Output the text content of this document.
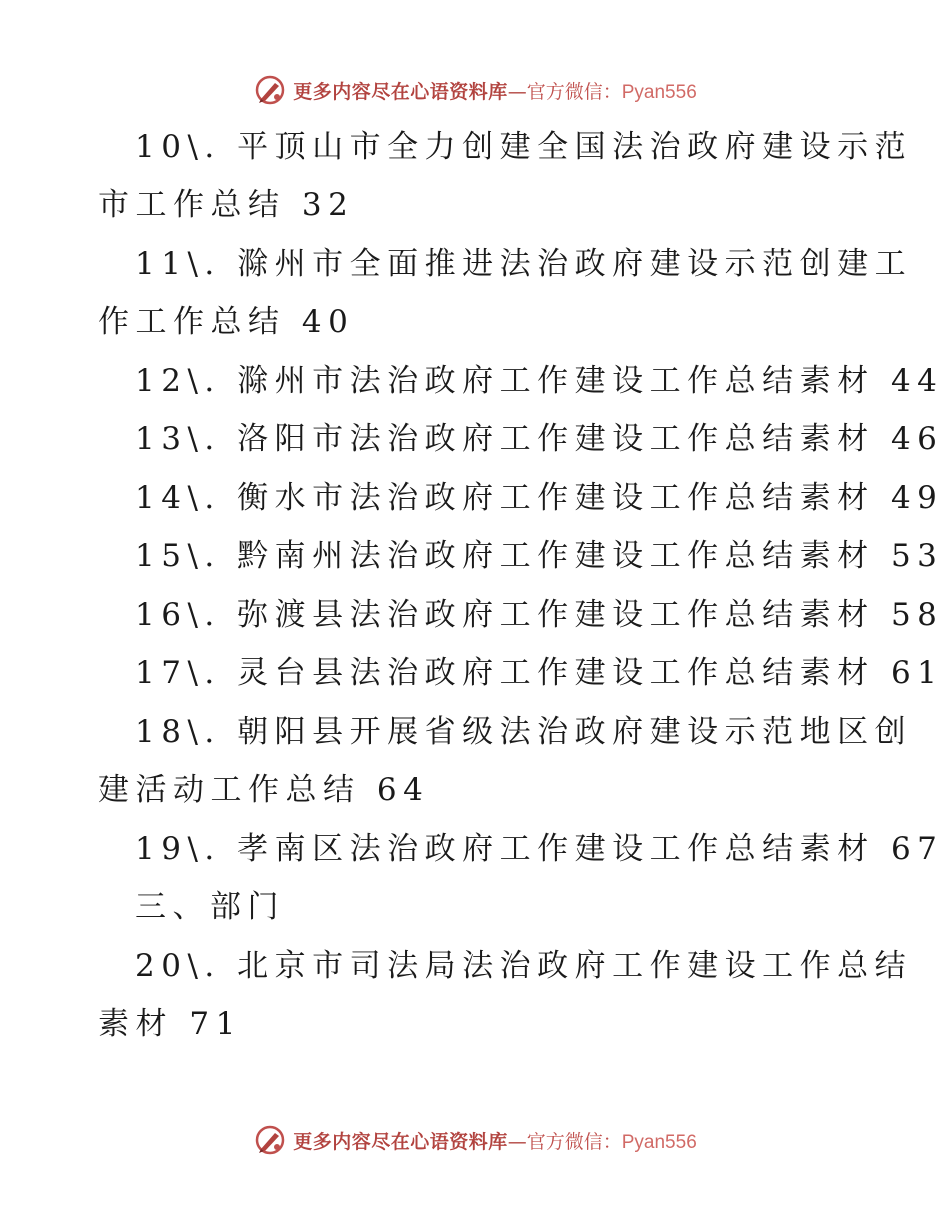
更多内容尽在心语资料库—官方微信：Pyan556
10\. 平顶山市全力创建全国法治政府建设示范
市工作总结 32
11\. 滁州市全面推进法治政府建设示范创建工
作工作总结 40
12\. 滁州市法治政府工作建设工作总结素材 44
13\. 洛阳市法治政府工作建设工作总结素材 46
14\. 衡水市法治政府工作建设工作总结素材 49
15\. 黔南州法治政府工作建设工作总结素材 53
16\. 弥渡县法治政府工作建设工作总结素材 58
17\. 灵台县法治政府工作建设工作总结素材 61
18\. 朝阳县开展省级法治政府建设示范地区创
建活动工作总结 64
19\. 孝南区法治政府工作建设工作总结素材 67
三、部门
20\. 北京市司法局法治政府工作建设工作总结
素材 71
更多内容尽在心语资料库—官方微信：Pyan556
